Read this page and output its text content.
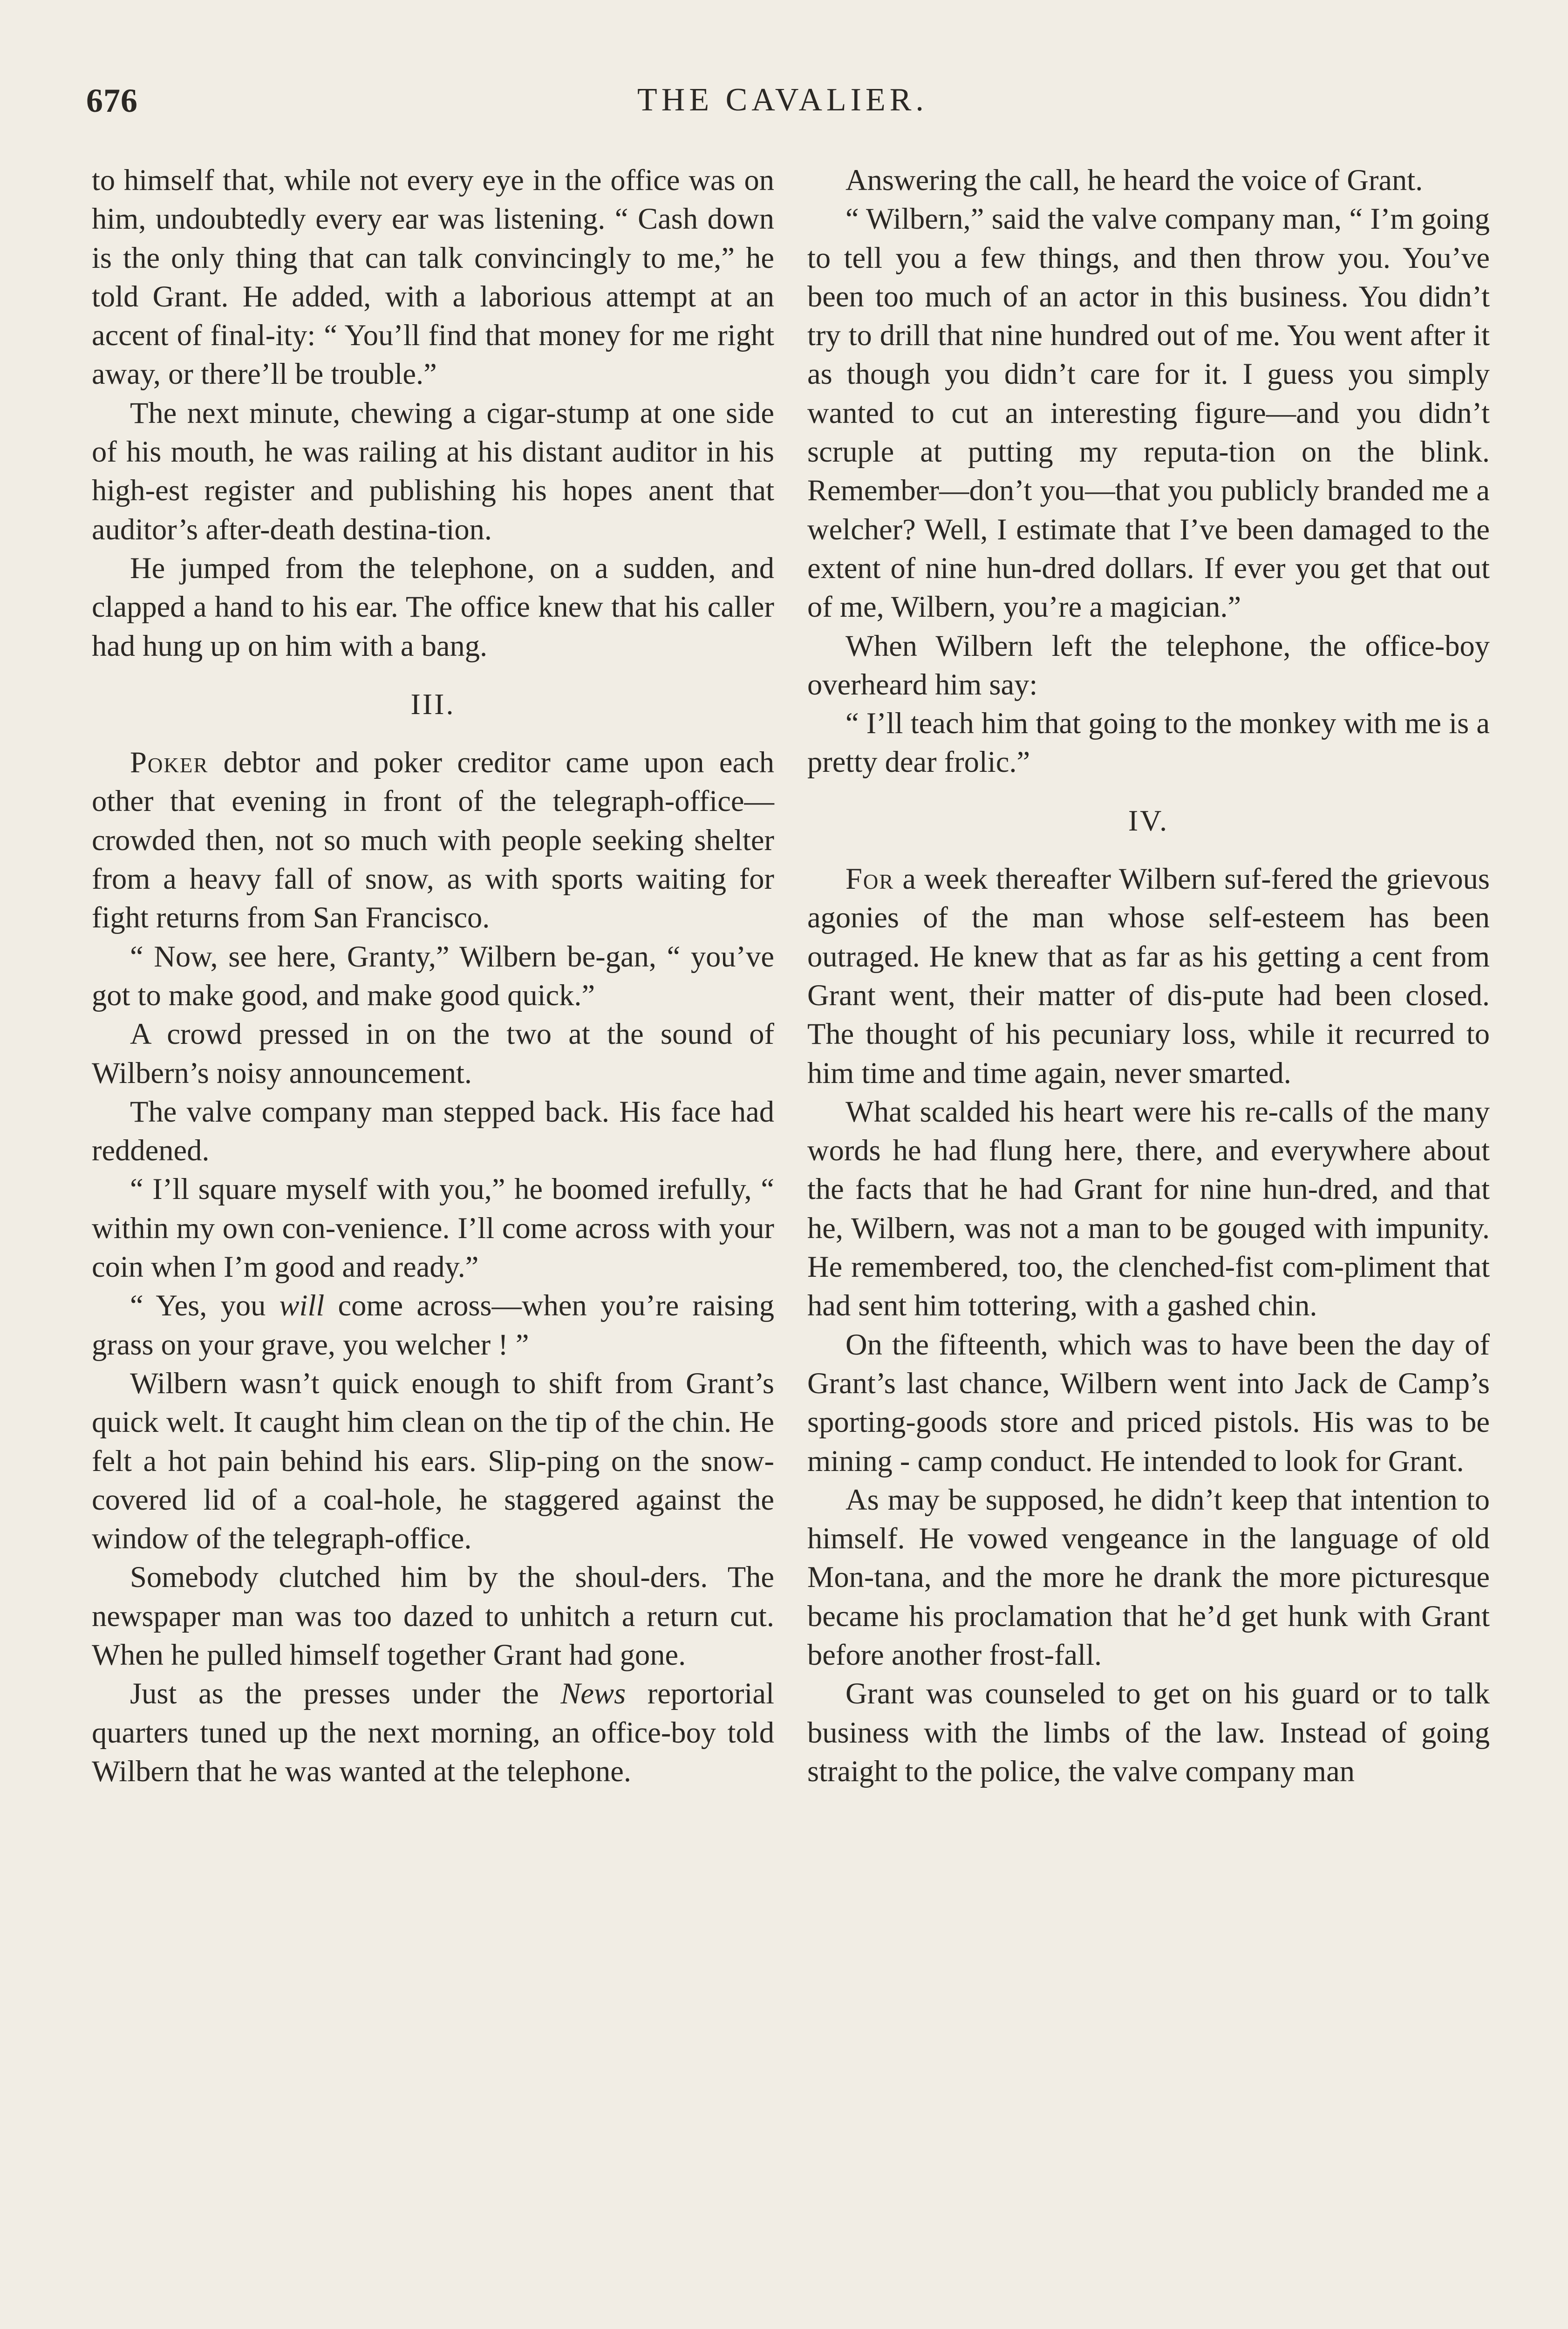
676	THE CAVALIER.

to himself that, while not every eye in the office was on him, undoubtedly every ear was listening. “ Cash down is the only thing that can talk convincingly to me,” he told Grant. He added, with a laborious attempt at an accent of final-ity: “ You’ll find that money for me right away, or there’ll be trouble.”

The next minute, chewing a cigar-stump at one side of his mouth, he was railing at his distant auditor in his high-est register and publishing his hopes anent that auditor’s after-death destina-tion.

He jumped from the telephone, on a sudden, and clapped a hand to his ear. The office knew that his caller had hung up on him with a bang.

III.

Poker debtor and poker creditor came upon each other that evening in front of the telegraph-office—crowded then, not so much with people seeking shelter from a heavy fall of snow, as with sports waiting for fight returns from San Francisco.

“ Now, see here, Granty,” Wilbern be-gan, “ you’ve got to make good, and make good quick.”

A crowd pressed in on the two at the sound of Wilbern’s noisy announcement.

The valve company man stepped back. His face had reddened.

“ I’ll square myself with you,” he boomed irefully, “ within my own con-venience. I’ll come across with your coin when I’m good and ready.”

“ Yes, you will come across—when you’re raising grass on your grave, you welcher ! ”

Wilbern wasn’t quick enough to shift from Grant’s quick welt. It caught him clean on the tip of the chin. He felt a hot pain behind his ears. Slip-ping on the snow-covered lid of a coal-hole, he staggered against the window of the telegraph-office.

Somebody clutched him by the shoul-ders. The newspaper man was too dazed to unhitch a return cut. When he pulled himself together Grant had gone.

Just as the presses under the News reportorial quarters tuned up the next morning, an office-boy told Wilbern that he was wanted at the telephone.

Answering the call, he heard the voice of Grant.

“ Wilbern,” said the valve company man, “ I’m going to tell you a few things, and then throw you. You’ve been too much of an actor in this business. You didn’t try to drill that nine hundred out of me. You went after it as though you didn’t care for it. I guess you simply wanted to cut an interesting figure—and you didn’t scruple at putting my reputa-tion on the blink. Remember—don’t you—that you publicly branded me a welcher? Well, I estimate that I’ve been damaged to the extent of nine hun-dred dollars. If ever you get that out of me, Wilbern, you’re a magician.”

When Wilbern left the telephone, the office-boy overheard him say:

“ I’ll teach him that going to the monkey with me is a pretty dear frolic.”

IV.

For a week thereafter Wilbern suf-fered the grievous agonies of the man whose self-esteem has been outraged. He knew that as far as his getting a cent from Grant went, their matter of dis-pute had been closed. The thought of his pecuniary loss, while it recurred to him time and time again, never smarted.

What scalded his heart were his re-calls of the many words he had flung here, there, and everywhere about the facts that he had Grant for nine hun-dred, and that he, Wilbern, was not a man to be gouged with impunity. He remembered, too, the clenched-fist com-pliment that had sent him tottering, with a gashed chin.

On the fifteenth, which was to have been the day of Grant’s last chance, Wilbern went into Jack de Camp’s sporting-goods store and priced pistols. His was to be mining - camp conduct. He intended to look for Grant.

As may be supposed, he didn’t keep that intention to himself. He vowed vengeance in the language of old Mon-tana, and the more he drank the more picturesque became his proclamation that he’d get hunk with Grant before another frost-fall.

Grant was counseled to get on his guard or to talk business with the limbs of the law. Instead of going straight to the police, the valve company man
